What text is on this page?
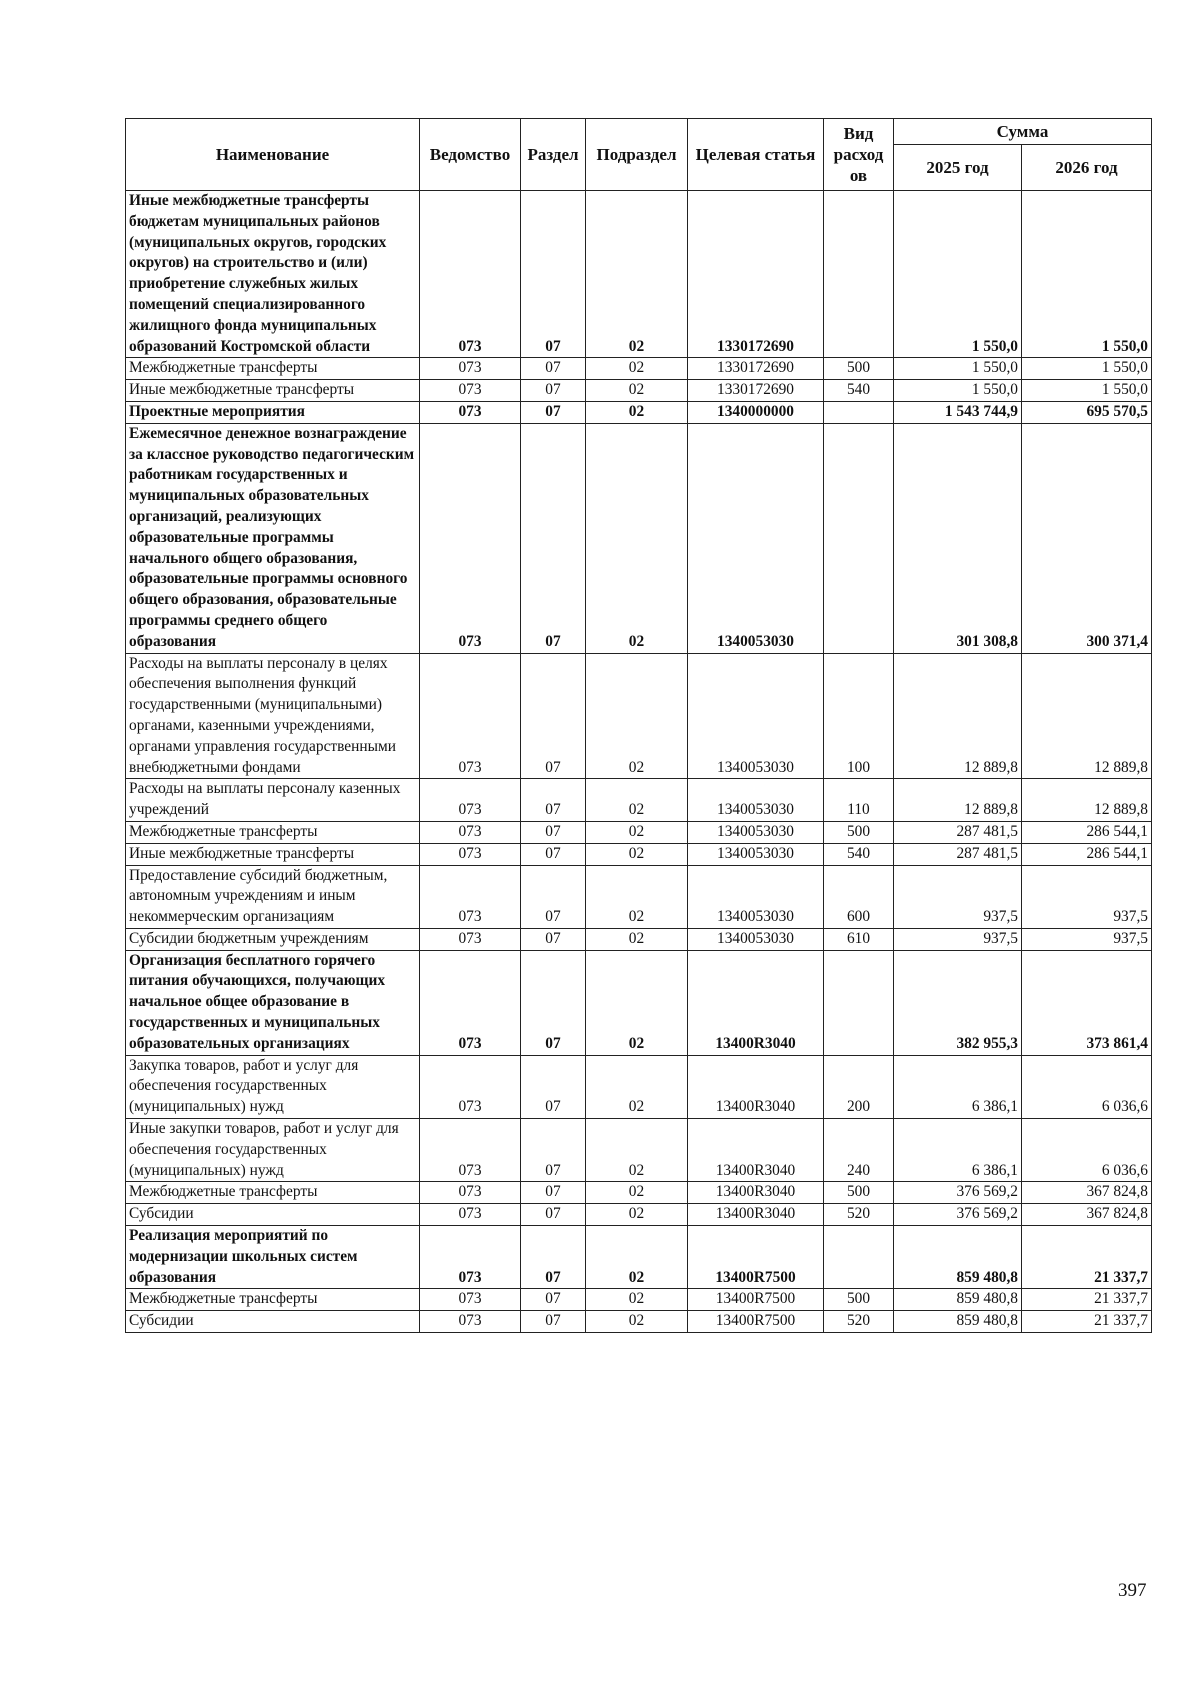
Наименование	Ведомство	Раздел	Подраздел	Целевая статья	Вид расход ов	Сумма	
						2025 год	2026 год
Иные межбюджетные трансферты бюджетам муниципальных районов (муниципальных округов, городских округов) на строительство и (или) приобретение служебных жилых помещений специализированного жилищного фонда муниципальных образований Костромской области	073	07	02	1330172690		1 550,0	1 550,0
Межбюджетные трансферты	073	07	02	1330172690	500	1 550,0	1 550,0
Иные межбюджетные трансферты	073	07	02	1330172690	540	1 550,0	1 550,0
Проектные мероприятия	073	07	02	1340000000		1 543 744,9	695 570,5
Ежемесячное денежное вознаграждение за классное руководство педагогическим работникам государственных и муниципальных образовательных организаций, реализующих образовательные программы начального общего образования, образовательные программы основного общего образования, образовательные программы среднего общего образования	073	07	02	1340053030		301 308,8	300 371,4
Расходы на выплаты персоналу в целях обеспечения выполнения функций государственными (муниципальными) органами, казенными учреждениями, органами управления государственными внебюджетными фондами	073	07	02	1340053030	100	12 889,8	12 889,8
Расходы на выплаты персоналу казенных учреждений	073	07	02	1340053030	110	12 889,8	12 889,8
Межбюджетные трансферты	073	07	02	1340053030	500	287 481,5	286 544,1
Иные межбюджетные трансферты	073	07	02	1340053030	540	287 481,5	286 544,1
Предоставление субсидий бюджетным, автономным учреждениям и иным некоммерческим организациям	073	07	02	1340053030	600	937,5	937,5
Субсидии бюджетным учреждениям	073	07	02	1340053030	610	937,5	937,5
Организация бесплатного горячего питания обучающихся, получающих начальное общее образование в государственных и муниципальных образовательных организациях	073	07	02	13400R3040		382 955,3	373 861,4
Закупка товаров, работ и услуг для обеспечения государственных (муниципальных) нужд	073	07	02	13400R3040	200	6 386,1	6 036,6
Иные закупки товаров, работ и услуг для обеспечения государственных (муниципальных) нужд	073	07	02	13400R3040	240	6 386,1	6 036,6
Межбюджетные трансферты	073	07	02	13400R3040	500	376 569,2	367 824,8
Субсидии	073	07	02	13400R3040	520	376 569,2	367 824,8
Реализация мероприятий по модернизации школьных систем образования	073	07	02	13400R7500		859 480,8	21 337,7
Межбюджетные трансферты	073	07	02	13400R7500	500	859 480,8	21 337,7
Субсидии	073	07	02	13400R7500	520	859 480,8	21 337,7
397
